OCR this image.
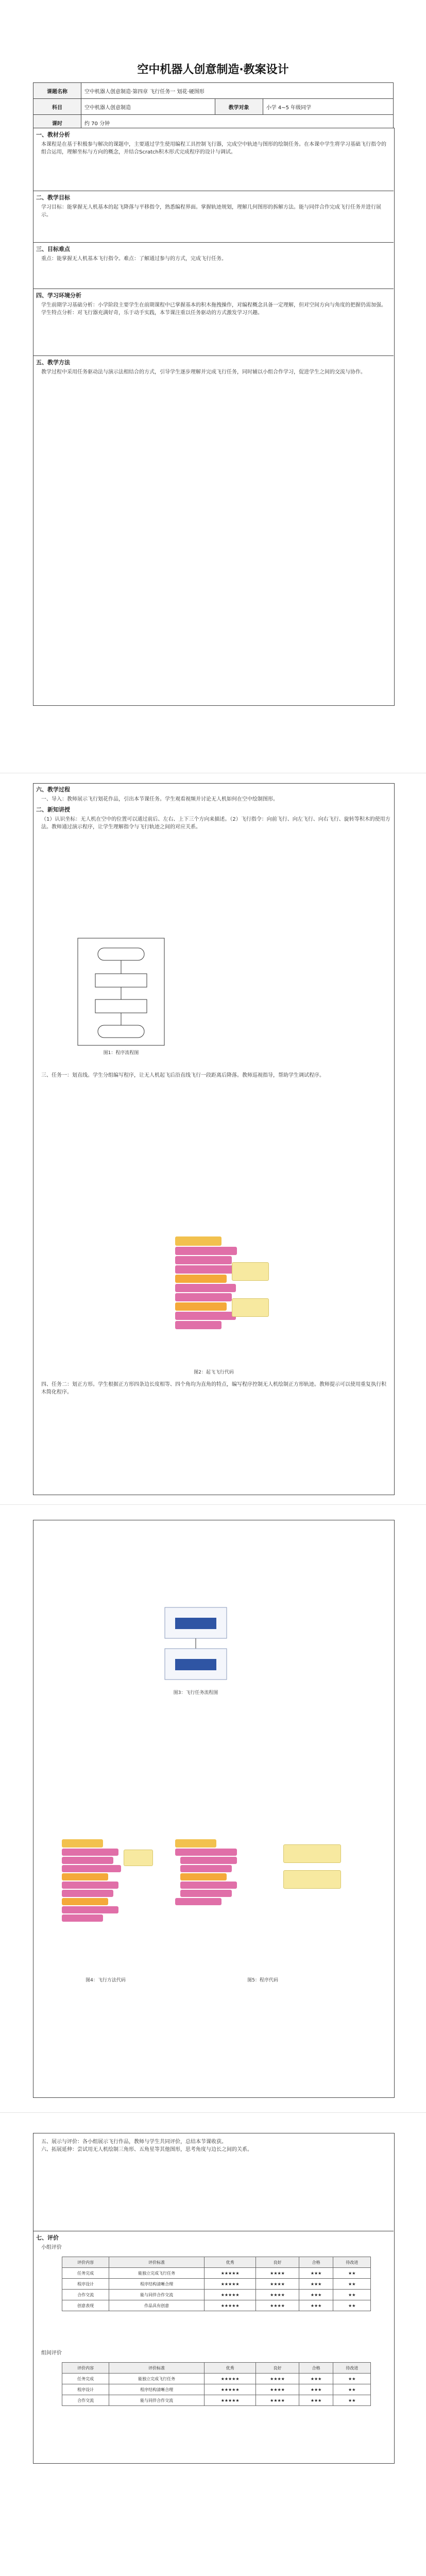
空中机器人创意制造·教案设计
课题名称	空中机器人创意制造·第四章 飞行任务一 划花·硬图形		
科目	空中机器人创意制造	教学对象	小学 4~5 年级同学
课时	约 70 分钟		
一、教材分析
本课程是在基于积极参与解决的课题中，主要通过学生使用编程工具控制飞行器，完成空中轨迹与图形的绘制任务。在本课中学生将学习基础飞行指令的组合运用，理解坐标与方向的概念，并结合Scratch积木形式完成程序的设计与调试。
二、教学目标
学习目标：能掌握无人机基本的起飞降落与平移指令，熟悉编程界面。掌握轨迹规划，理解几何图形的拆解方法。能与同伴合作完成飞行任务并进行展示。
三、目标难点
重点：能掌握无人机基本飞行指令。难点：了解通过参与的方式，完成飞行任务。
四、学习环境分析
学生前期学习基础分析：小学阶段主要学生在前期课程中已掌握基本的积木拖拽操作，对编程概念具备一定理解，但对空间方向与角度的把握仍需加强。学生特点分析：对飞行器充满好奇，乐于动手实践，本节课注重以任务驱动的方式激发学习兴趣。
五、教学方法
教学过程中采用任务驱动法与演示法相结合的方式，引导学生逐步理解并完成飞行任务，同时辅以小组合作学习，促进学生之间的交流与协作。
六、教学过程
一、导入：教师展示飞行划花作品，引出本节课任务。学生观看视频并讨论无人机如何在空中绘制图形。
二、新知讲授
（1）认识坐标：无人机在空中的位置可以通过前后、左右、上下三个方向来描述。（2）飞行指令：向前飞行、向左飞行、向右飞行、旋转等积木的使用方法。教师通过演示程序，让学生理解指令与飞行轨迹之间的对应关系。
图1：程序流程图
三、任务一：划直线。学生分组编写程序，让无人机起飞后沿直线飞行一段距离后降落。教师巡视指导，帮助学生调试程序。
图2：起飞飞行代码
四、任务二：划正方形。学生根据正方形四条边长度相等、四个角均为直角的特点，编写程序控制无人机绘制正方形轨迹。教师提示可以使用重复执行积木简化程序。
图3：飞行任务流程图
图4：飞行方法代码	图5：程序代码
五、展示与评价：各小组展示飞行作品，教师与学生共同评价，总结本节课收获。
六、拓展延伸：尝试用无人机绘制三角形、五角星等其他图形，思考角度与边长之间的关系。
七、评价
小组评价
评价内容	评价标准	优秀	良好	合格	待改进
任务完成	能独立完成飞行任务	★★★★★	★★★★	★★★	★★
程序设计	程序结构清晰合理	★★★★★	★★★★	★★★	★★
合作交流	能与同伴合作交流	★★★★★	★★★★	★★★	★★
创意表现	作品具有创意	★★★★★	★★★★	★★★	★★
组间评价
评价内容	评价标准	优秀	良好	合格	待改进
任务完成	能独立完成飞行任务	★★★★★	★★★★	★★★	★★
程序设计	程序结构清晰合理	★★★★★	★★★★	★★★	★★
合作交流	能与同伴合作交流	★★★★★	★★★★	★★★	★★
